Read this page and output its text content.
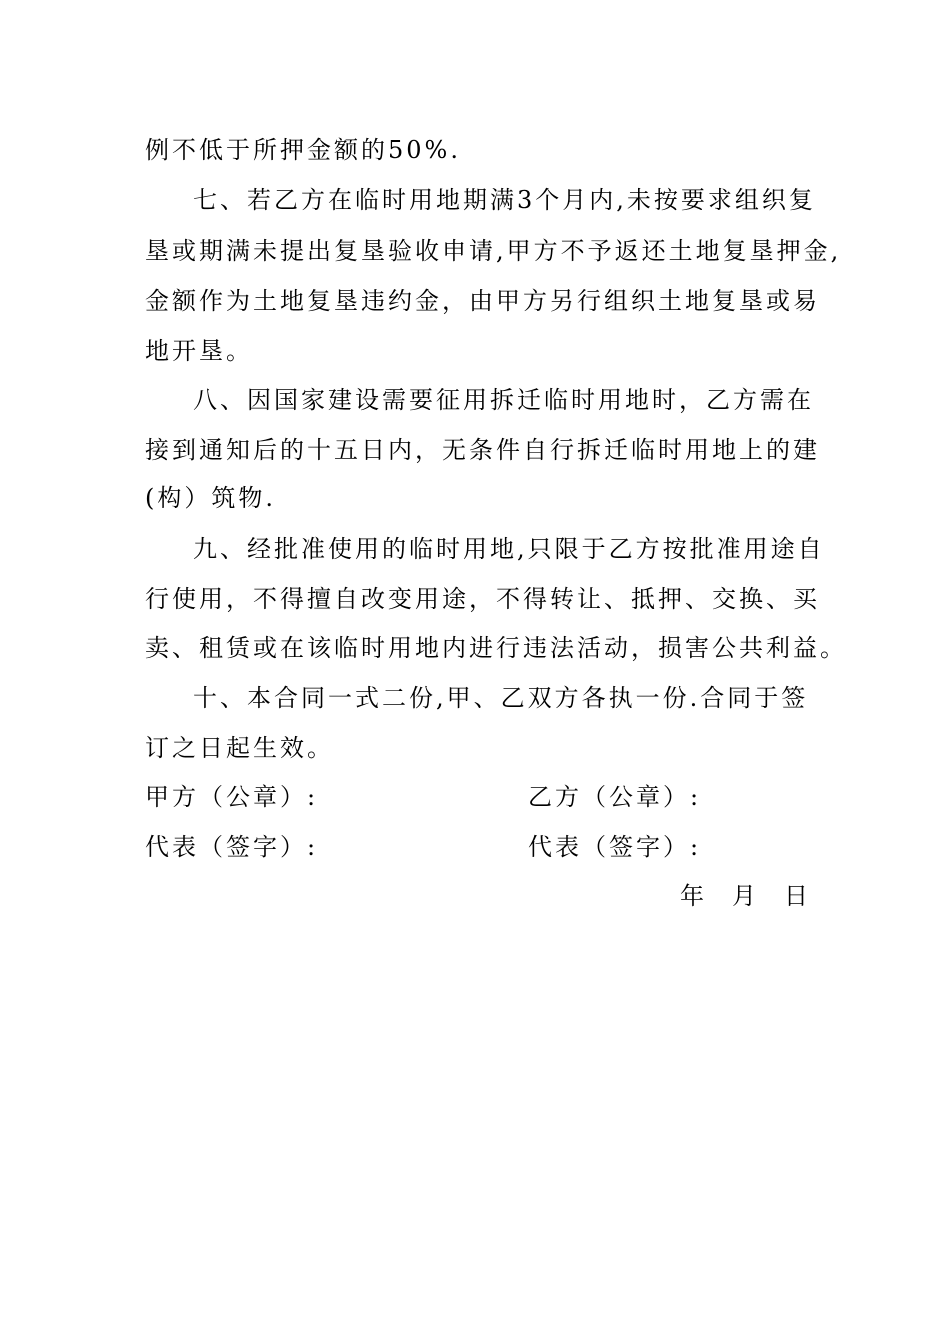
例不低于所押金额的50%.
七、若乙方在临时用地期满3个月内,未按要求组织复
垦或期满未提出复垦验收申请,甲方不予返还土地复垦押金,
金额作为土地复垦违约金，由甲方另行组织土地复垦或易
地开垦。
八、因国家建设需要征用拆迁临时用地时，乙方需在
接到通知后的十五日内，无条件自行拆迁临时用地上的建
(构）筑物.
九、经批准使用的临时用地,只限于乙方按批准用途自
行使用，不得擅自改变用途，不得转让、抵押、交换、买
卖、租赁或在该临时用地内进行违法活动，损害公共利益。
十、本合同一式二份,甲、乙双方各执一份.合同于签
订之日起生效。
甲方（公章）:	乙方（公章）:
代表（签字）:	代表（签字）:
年 月 日
